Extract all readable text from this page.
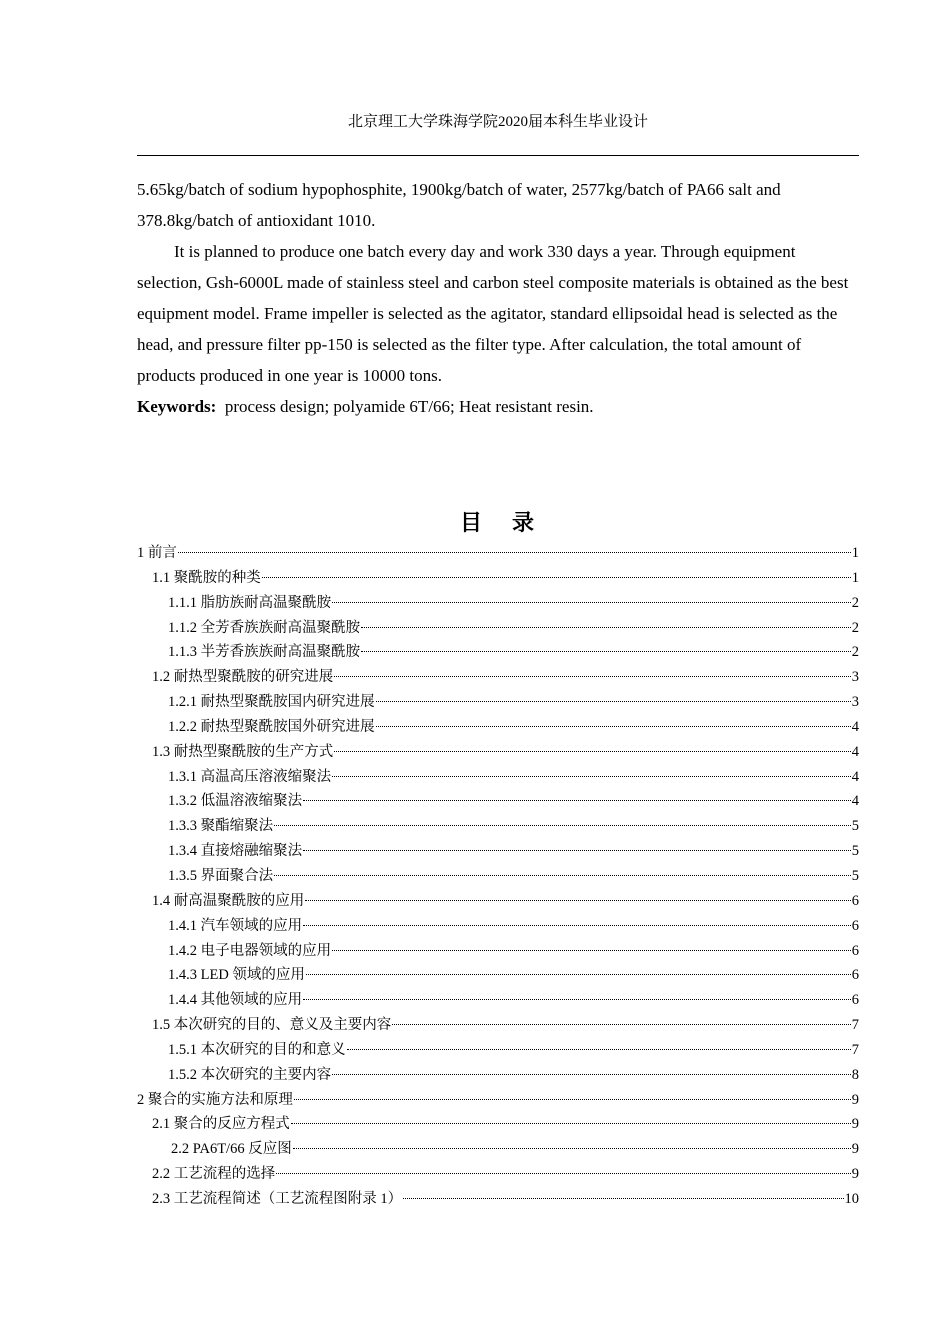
北京理工大学珠海学院2020届本科生毕业设计

5.65kg/batch of sodium hypophosphite, 1900kg/batch of water, 2577kg/batch of PA66 salt and 378.8kg/batch of antioxidant 1010.

It is planned to produce one batch every day and work 330 days a year. Through equipment selection, Gsh-6000L made of stainless steel and carbon steel composite materials is obtained as the best equipment model. Frame impeller is selected as the agitator, standard ellipsoidal head is selected as the head, and pressure filter pp-150 is selected as the filter type. After calculation, the total amount of products produced in one year is 10000 tons.

Keywords: process design; polyamide 6T/66; Heat resistant resin.

目 录
1 前言	1
1.1 聚酰胺的种类	1
1.1.1 脂肪族耐高温聚酰胺	2
1.1.2 全芳香族族耐高温聚酰胺	2
1.1.3 半芳香族族耐高温聚酰胺	2
1.2 耐热型聚酰胺的研究进展	3
1.2.1 耐热型聚酰胺国内研究进展	3
1.2.2 耐热型聚酰胺国外研究进展	4
1.3 耐热型聚酰胺的生产方式	4
1.3.1 高温高压溶液缩聚法	4
1.3.2 低温溶液缩聚法	4
1.3.3 聚酯缩聚法	5
1.3.4 直接熔融缩聚法	5
1.3.5 界面聚合法	5
1.4 耐高温聚酰胺的应用	6
1.4.1 汽车领域的应用	6
1.4.2 电子电器领域的应用	6
1.4.3 LED 领域的应用	6
1.4.4 其他领域的应用	6
1.5 本次研究的目的、意义及主要内容	7
1.5.1 本次研究的目的和意义	7
1.5.2 本次研究的主要内容	8
2 聚合的实施方法和原理	9
2.1 聚合的反应方程式	9
2.2 PA6T/66 反应图	9
2.2 工艺流程的选择	9
2.3 工艺流程简述（工艺流程图附录 1）	10
